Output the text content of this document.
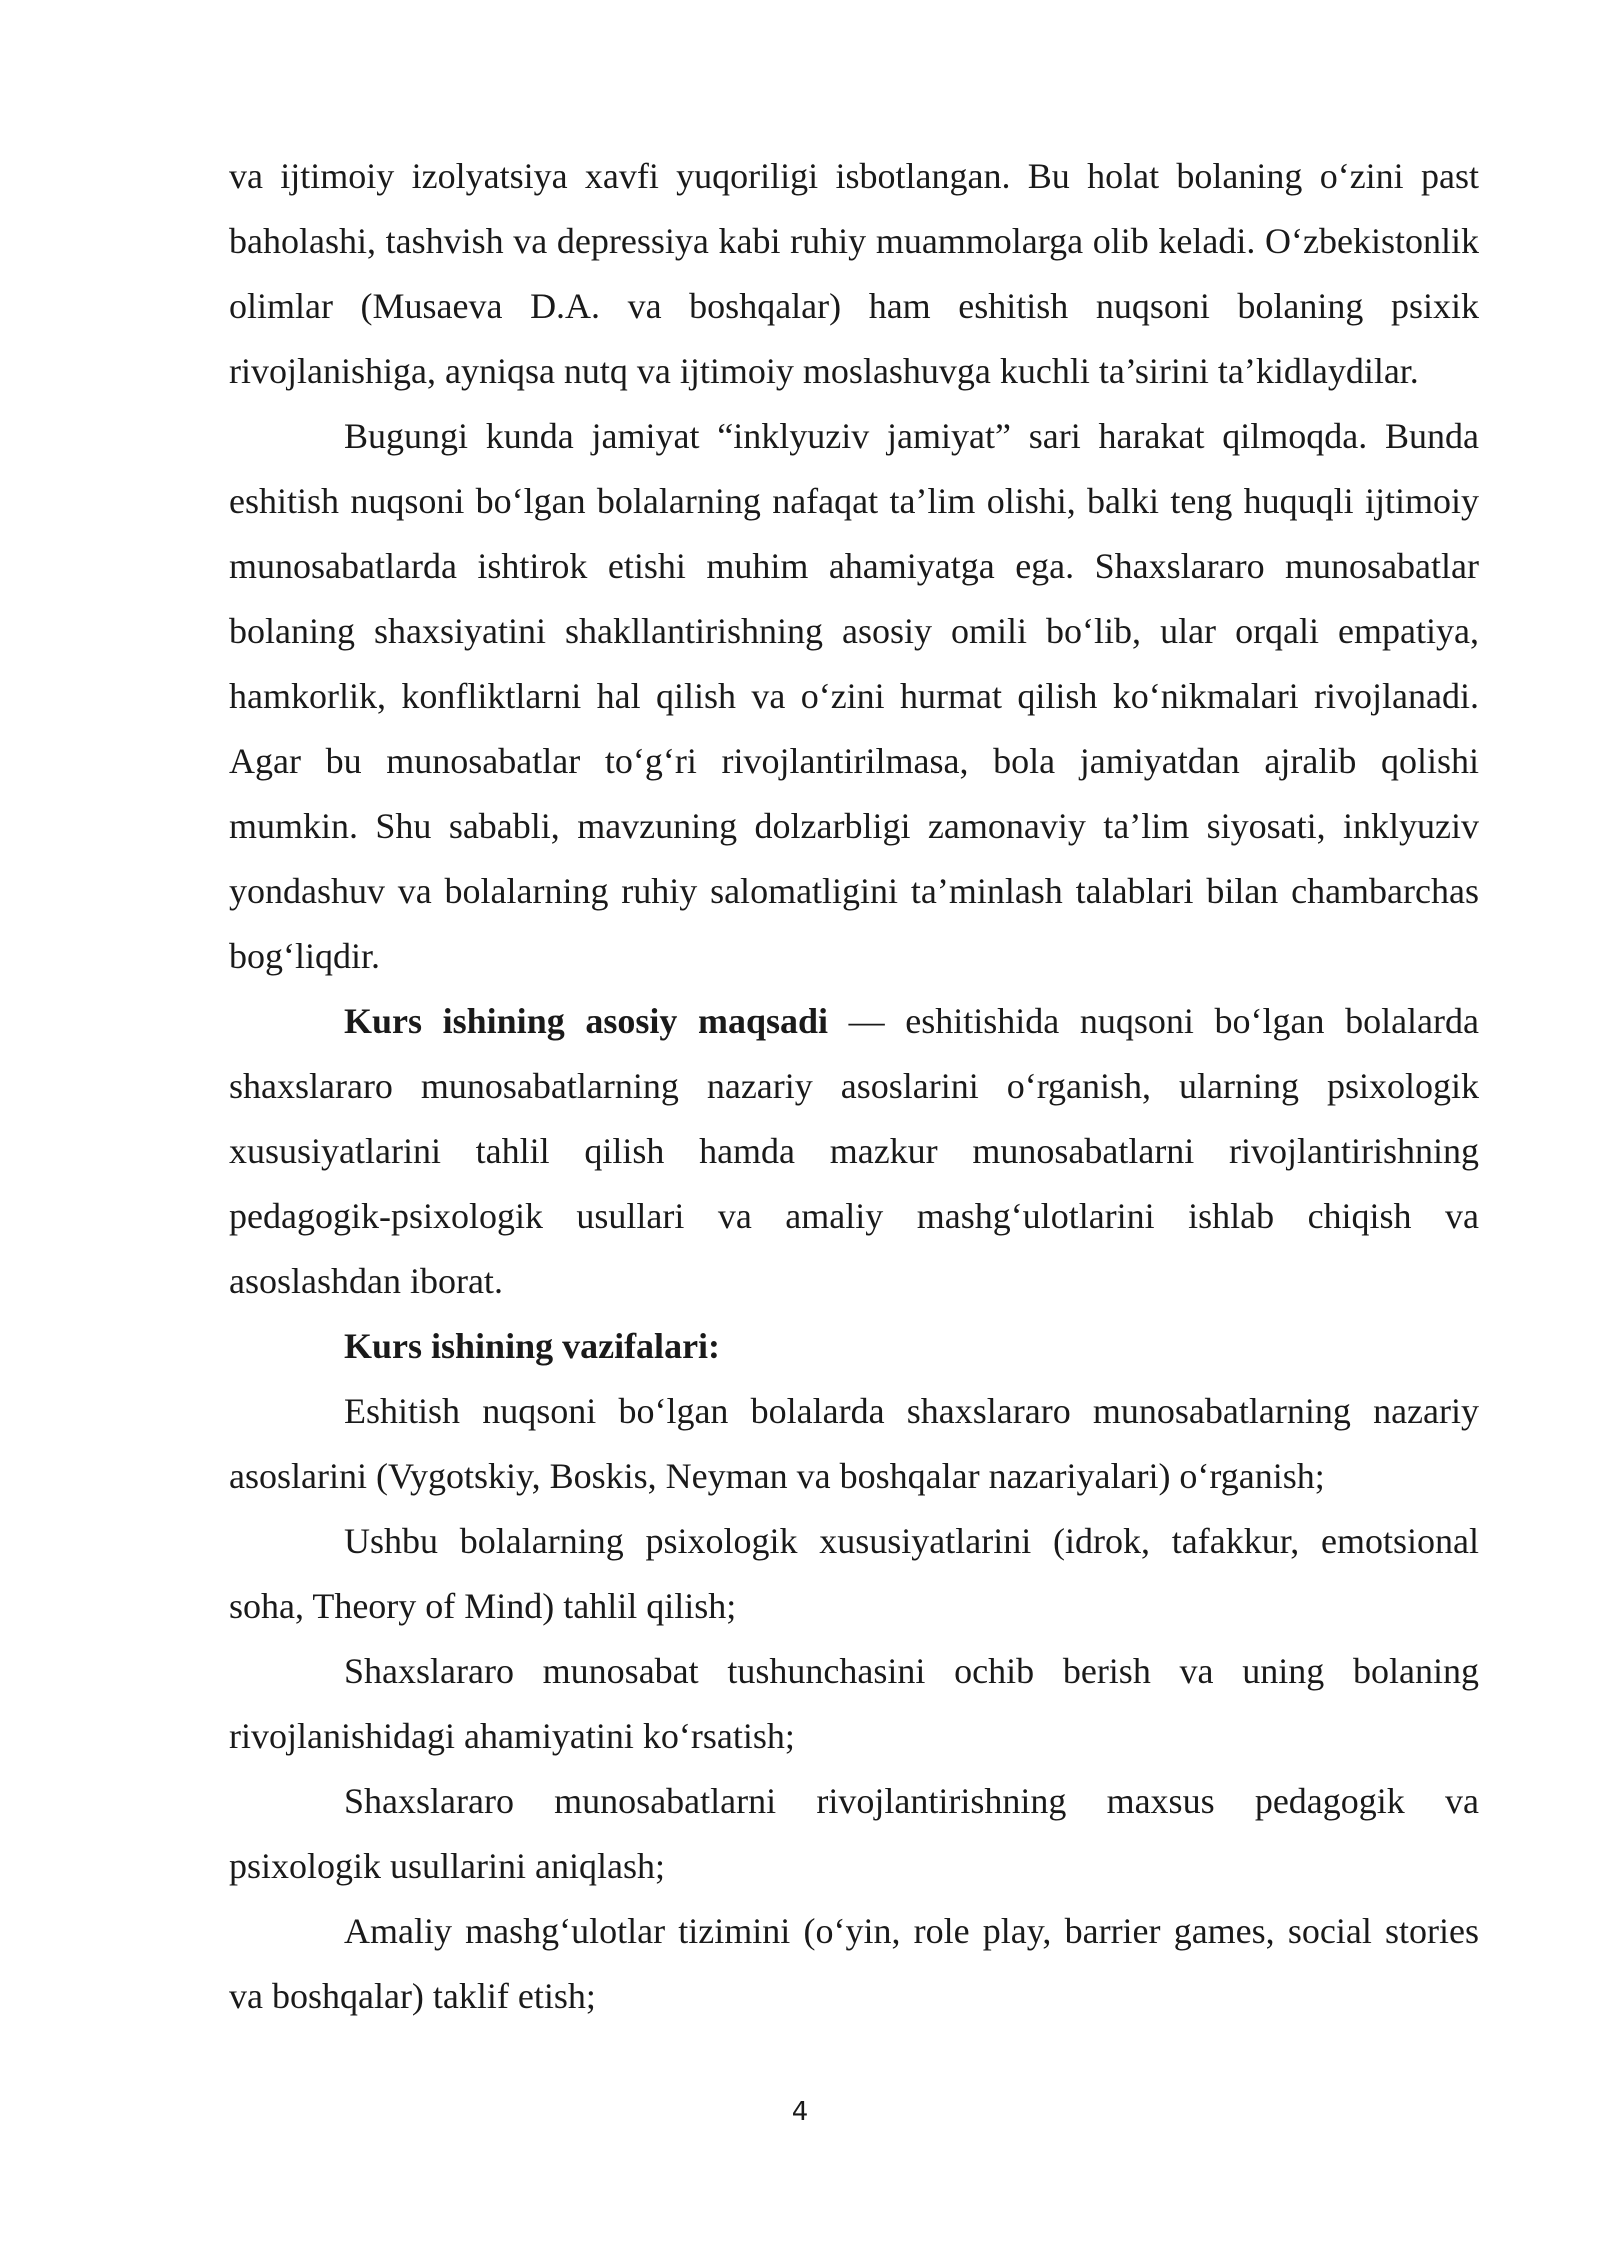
va ijtimoiy izolyatsiya xavfi yuqoriligi isbotlangan. Bu holat bolaning o‘zini past baholashi, tashvish va depressiya kabi ruhiy muammolarga olib keladi. O‘zbekistonlik olimlar (Musaeva D.A. va boshqalar) ham eshitish nuqsoni bolaning psixik rivojlanishiga, ayniqsa nutq va ijtimoiy moslashuvga kuchli ta’sirini ta’kidlaydilar.

Bugungi kunda jamiyat “inklyuziv jamiyat” sari harakat qilmoqda. Bunda eshitish nuqsoni bo‘lgan bolalarning nafaqat ta’lim olishi, balki teng huquqli ijtimoiy munosabatlarda ishtirok etishi muhim ahamiyatga ega. Shaxslararo munosabatlar bolaning shaxsiyatini shakllantirishning asosiy omili bo‘lib, ular orqali empatiya, hamkorlik, konfliktlarni hal qilish va o‘zini hurmat qilish ko‘nikmalari rivojlanadi. Agar bu munosabatlar to‘g‘ri rivojlantirilmasa, bola jamiyatdan ajralib qolishi mumkin. Shu sababli, mavzuning dolzarbligi zamonaviy ta’lim siyosati, inklyuziv yondashuv va bolalarning ruhiy salomatligini ta’minlash talablari bilan chambarchas bog‘liqdir.

Kurs ishining asosiy maqsadi — eshitishida nuqsoni bo‘lgan bolalarda shaxslararo munosabatlarning nazariy asoslarini o‘rganish, ularning psixologik xususiyatlarini tahlil qilish hamda mazkur munosabatlarni rivojlantirishning pedagogik-psixologik usullari va amaliy mashg‘ulotlarini ishlab chiqish va asoslashdan iborat.

Kurs ishining vazifalari:

Eshitish nuqsoni bo‘lgan bolalarda shaxslararo munosabatlarning nazariy asoslarini (Vygotskiy, Boskis, Neyman va boshqalar nazariyalari) o‘rganish;

Ushbu bolalarning psixologik xususiyatlarini (idrok, tafakkur, emotsional soha, Theory of Mind) tahlil qilish;

Shaxslararo munosabat tushunchasini ochib berish va uning bolaning rivojlanishidagi ahamiyatini ko‘rsatish;

Shaxslararo munosabatlarni rivojlantirishning maxsus pedagogik va psixologik usullarini aniqlash;

Amaliy mashg‘ulotlar tizimini (o‘yin, role play, barrier games, social stories va boshqalar) taklif etish;

4
